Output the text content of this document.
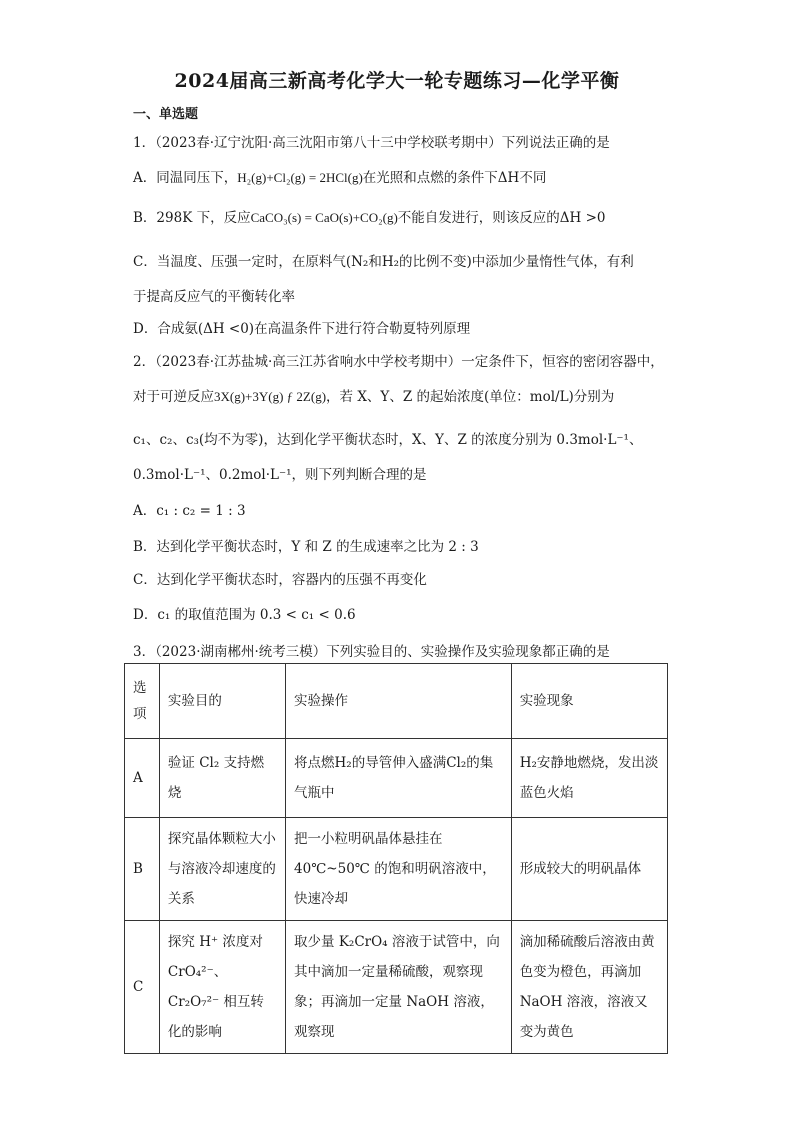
2024届高三新高考化学大一轮专题练习—化学平衡
一、单选题
1．（2023春·辽宁沈阳·高三沈阳市第八十三中学校联考期中）下列说法正确的是
A．同温同压下，H₂(g)+Cl₂(g) = 2HCl(g)在光照和点燃的条件下ΔH不同
B．298K 下，反应CaCO₃(s) = CaO(s)+CO₂(g)不能自发进行，则该反应的ΔH >0
C．当温度、压强一定时，在原料气(N₂和H₂的比例不变)中添加少量惰性气体，有利
于提高反应气的平衡转化率
D．合成氨(ΔH <0)在高温条件下进行符合勒夏特列原理
2．（2023春·江苏盐城·高三江苏省响水中学校考期中）一定条件下，恒容的密闭容器中，
对于可逆反应3X(g)+3Y(g) ƒ 2Z(g)，若 X、Y、Z 的起始浓度(单位：mol/L)分别为
c₁、c₂、c₃(均不为零)，达到化学平衡状态时，X、Y、Z 的浓度分别为 0.3mol·L⁻¹、
0.3mol·L⁻¹、0.2mol·L⁻¹，则下列判断合理的是
A．c₁ : c₂ = 1 : 3
B．达到化学平衡状态时，Y 和 Z 的生成速率之比为 2 : 3
C．达到化学平衡状态时，容器内的压强不再变化
D．c₁ 的取值范围为 0.3 < c₁ < 0.6
3．（2023·湖南郴州·统考三模）下列实验目的、实验操作及实验现象都正确的是
选项	实验目的	实验操作	实验现象
A	验证 Cl₂ 支持燃烧	将点燃H₂的导管伸入盛满Cl₂的集气瓶中	H₂安静地燃烧，发出淡蓝色火焰
B	探究晶体颗粒大小与溶液冷却速度的关系	把一小粒明矾晶体悬挂在 40℃~50℃ 的饱和明矾溶液中，快速冷却	形成较大的明矾晶体
C	探究 H⁺ 浓度对 CrO₄²⁻、Cr₂O₇²⁻ 相互转化的影响	取少量 K₂CrO₄ 溶液于试管中，向其中滴加一定量稀硫酸，观察现象；再滴加一定量 NaOH 溶液，观察现	滴加稀硫酸后溶液由黄色变为橙色，再滴加 NaOH 溶液，溶液又变为黄色
